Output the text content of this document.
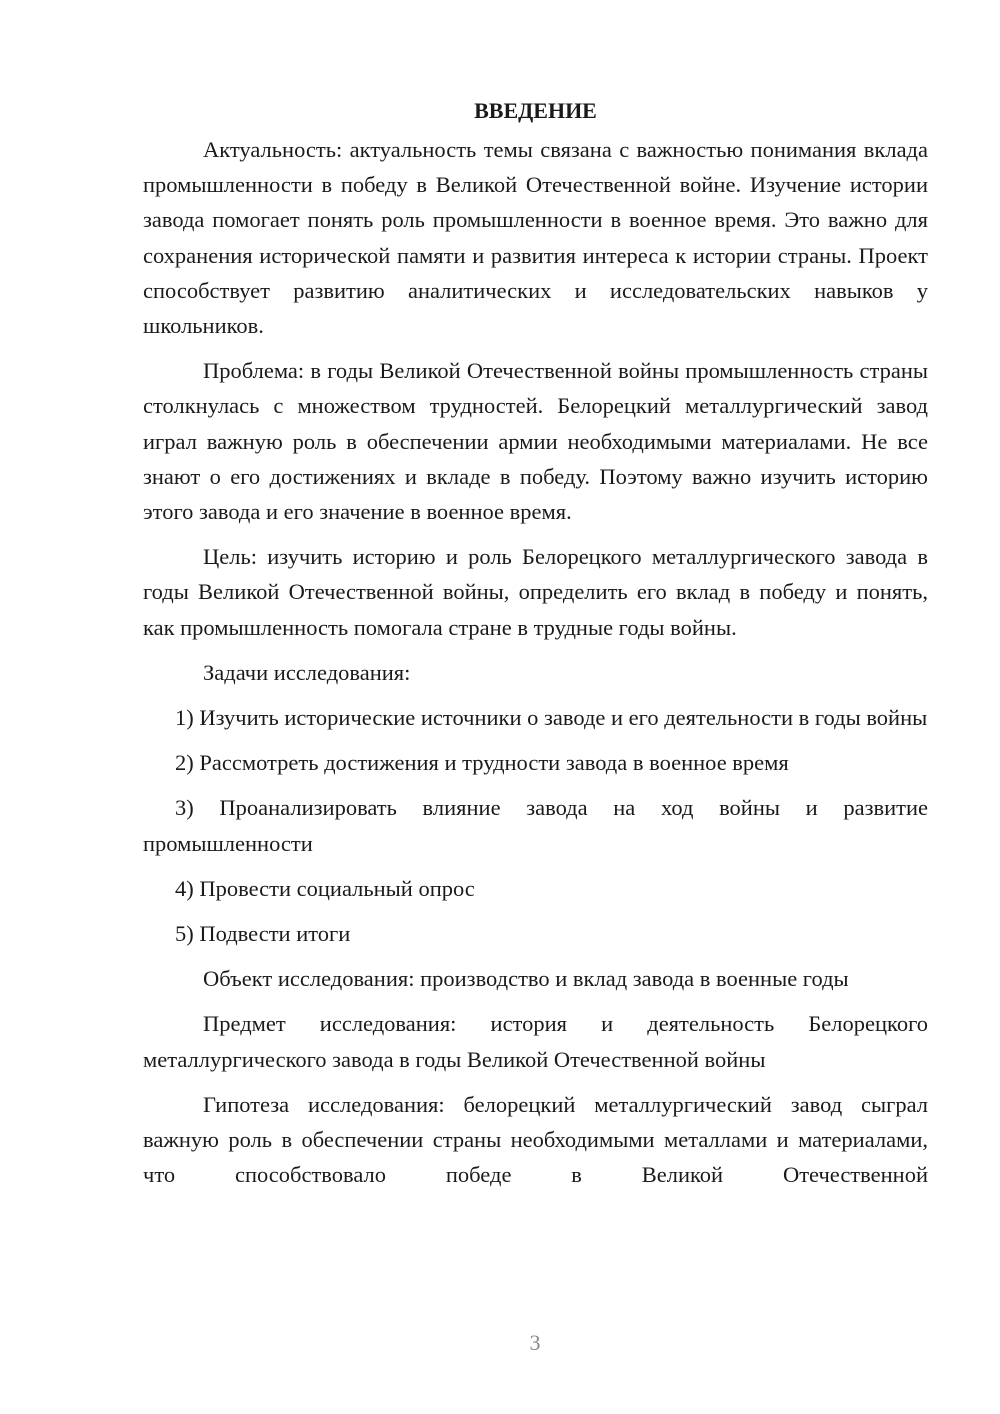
ВВЕДЕНИЕ

Актуальность: актуальность темы связана с важностью понимания вклада промышленности в победу в Великой Отечественной войне. Изучение истории завода помогает понять роль промышленности в военное время. Это важно для сохранения исторической памяти и развития интереса к истории страны. Проект способствует развитию аналитических и исследовательских навыков у школьников.

Проблема: в годы Великой Отечественной войны промышленность страны столкнулась с множеством трудностей. Белорецкий металлургический завод играл важную роль в обеспечении армии необходимыми материалами. Не все знают о его достижениях и вкладе в победу. Поэтому важно изучить историю этого завода и его значение в военное время.

Цель: изучить историю и роль Белорецкого металлургического завода в годы Великой Отечественной войны, определить его вклад в победу и понять, как промышленность помогала стране в трудные годы войны.

Задачи исследования:

1) Изучить исторические источники о заводе и его деятельности в годы войны

2) Рассмотреть достижения и трудности завода в военное время

3) Проанализировать влияние завода на ход войны и развитие промышленности

4) Провести социальный опрос

5) Подвести итоги

Объект исследования: производство и вклад завода в военные годы

Предмет исследования: история и деятельность Белорецкого металлургического завода в годы Великой Отечественной войны

Гипотеза исследования: белорецкий металлургический завод сыграл важную роль в обеспечении страны необходимыми металлами и материалами, что способствовало победе в Великой Отечественной

3
